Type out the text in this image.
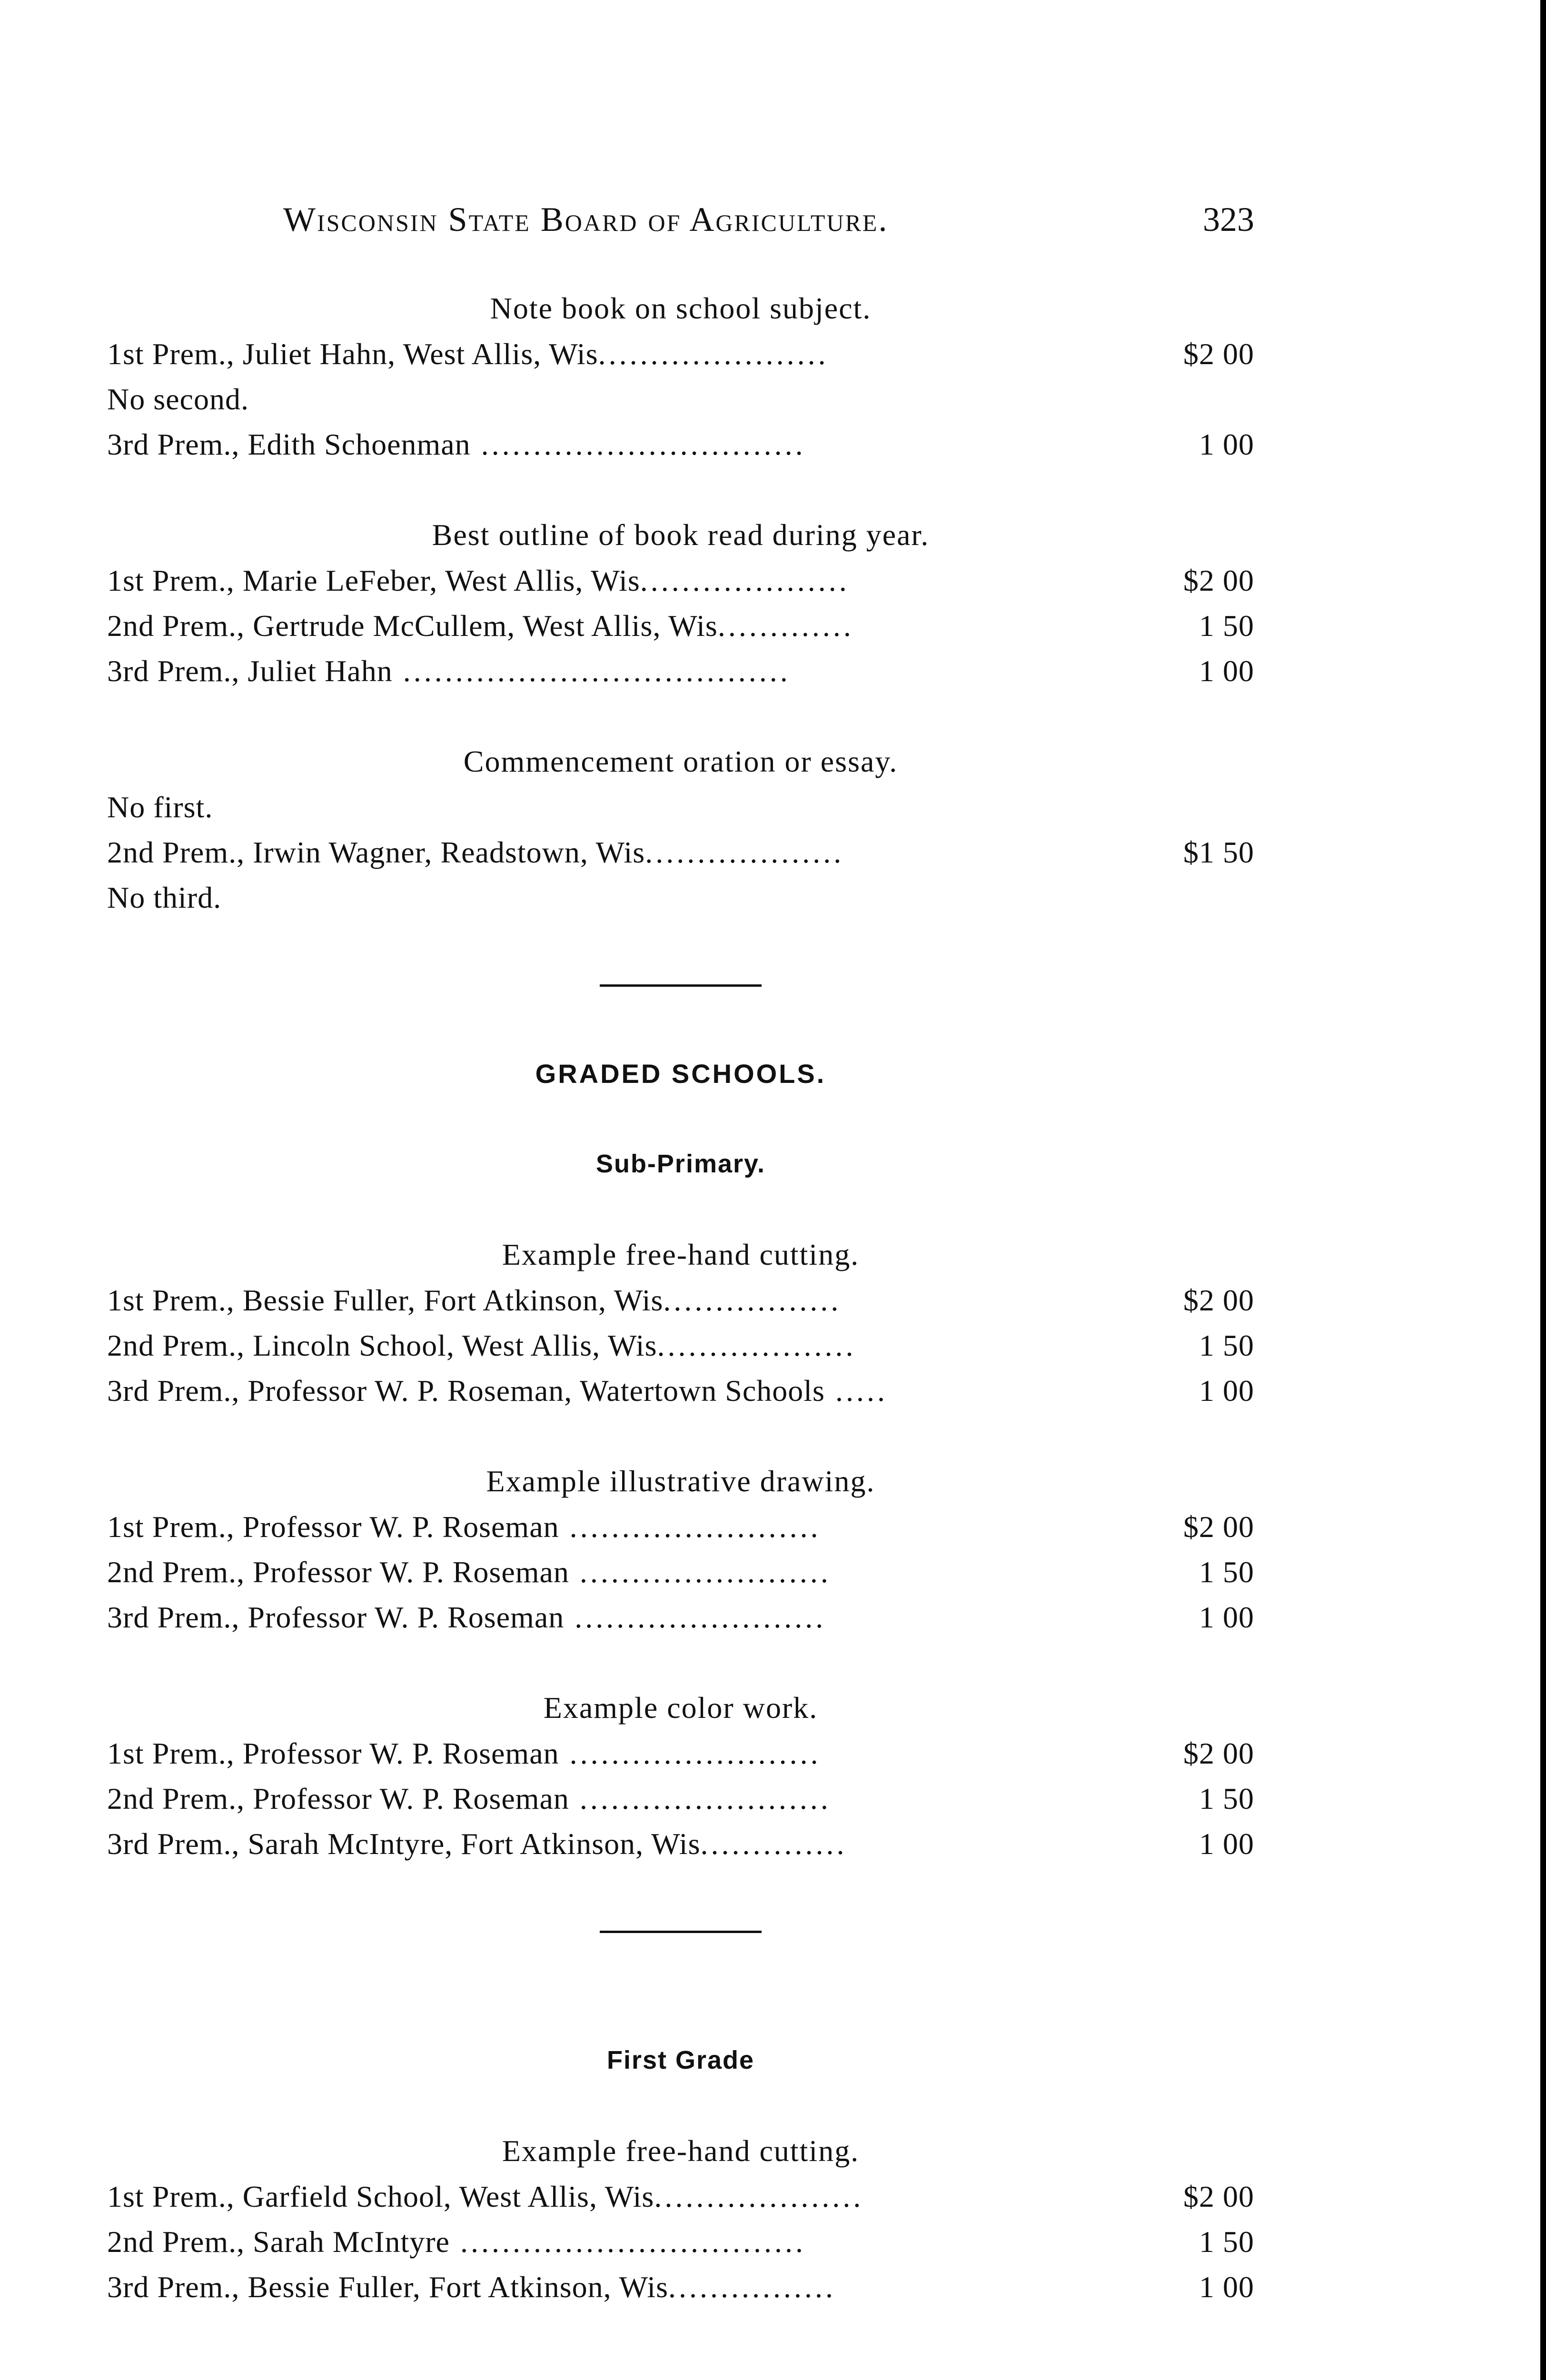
Wisconsin State Board of Agriculture.	323
Note book on school subject.
1st Prem., Juliet Hahn, West Allis, Wis......................	$2 00
No second.
3rd Prem., Edith Schoenman ...............................	1 00
Best outline of book read during year.
1st Prem., Marie LeFeber, West Allis, Wis....................	$2 00
2nd Prem., Gertrude McCullem, West Allis, Wis.............	1 50
3rd Prem., Juliet Hahn .....................................	1 00
Commencement oration or essay.
No first.
2nd Prem., Irwin Wagner, Readstown, Wis...................	$1 50
No third.
GRADED SCHOOLS.
Sub-Primary.
Example free-hand cutting.
1st Prem., Bessie Fuller, Fort Atkinson, Wis.................	$2 00
2nd Prem., Lincoln School, West Allis, Wis...................	1 50
3rd Prem., Professor W. P. Roseman, Watertown Schools .....	1 00
Example illustrative drawing.
1st Prem., Professor W. P. Roseman ........................	$2 00
2nd Prem., Professor W. P. Roseman ........................	1 50
3rd Prem., Professor W. P. Roseman ........................	1 00
Example color work.
1st Prem., Professor W. P. Roseman ........................	$2 00
2nd Prem., Professor W. P. Roseman ........................	1 50
3rd Prem., Sarah McIntyre, Fort Atkinson, Wis..............	1 00
First Grade
Example free-hand cutting.
1st Prem., Garfield School, West Allis, Wis....................	$2 00
2nd Prem., Sarah McIntyre .................................	1 50
3rd Prem., Bessie Fuller, Fort Atkinson, Wis................	1 00
